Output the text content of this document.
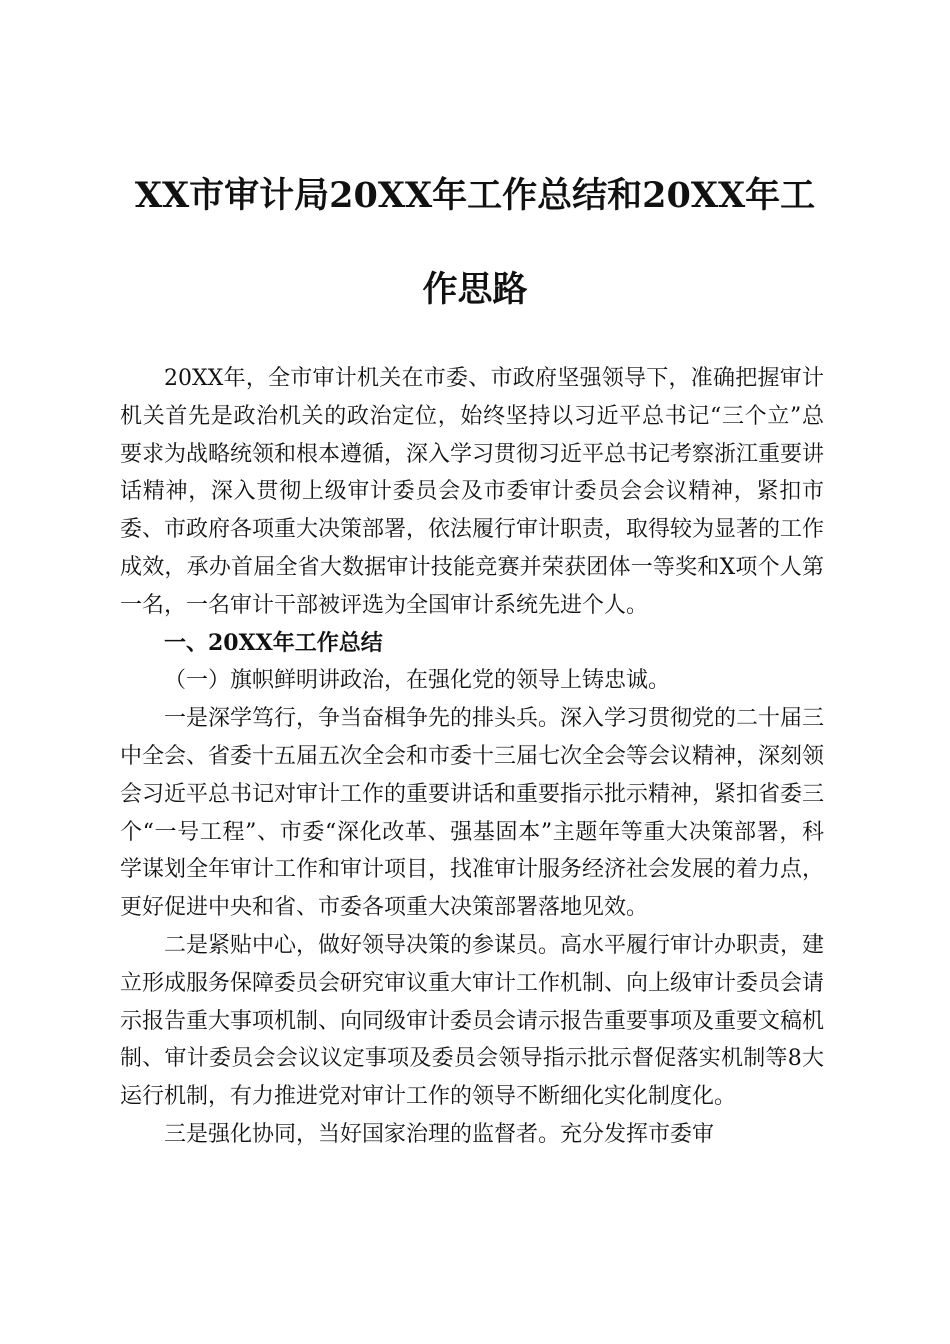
XX市审计局20XX年工作总结和20XX年工
作思路

20XX年，全市审计机关在市委、市政府坚强领导下，准确把握审计机关首先是政治机关的政治定位，始终坚持以习近平总书记“三个立”总要求为战略统领和根本遵循，深入学习贯彻习近平总书记考察浙江重要讲话精神，深入贯彻上级审计委员会及市委审计委员会会议精神，紧扣市委、市政府各项重大决策部署，依法履行审计职责，取得较为显著的工作成效，承办首届全省大数据审计技能竞赛并荣获团体一等奖和X项个人第一名，一名审计干部被评选为全国审计系统先进个人。

一、20XX年工作总结

（一）旗帜鲜明讲政治，在强化党的领导上铸忠诚。

一是深学笃行，争当奋楫争先的排头兵。深入学习贯彻党的二十届三中全会、省委十五届五次全会和市委十三届七次全会等会议精神，深刻领会习近平总书记对审计工作的重要讲话和重要指示批示精神，紧扣省委三个“一号工程”、市委“深化改革、强基固本”主题年等重大决策部署，科学谋划全年审计工作和审计项目，找准审计服务经济社会发展的着力点，更好促进中央和省、市委各项重大决策部署落地见效。

二是紧贴中心，做好领导决策的参谋员。高水平履行审计办职责，建立形成服务保障委员会研究审议重大审计工作机制、向上级审计委员会请示报告重大事项机制、向同级审计委员会请示报告重要事项及重要文稿机制、审计委员会会议议定事项及委员会领导指示批示督促落实机制等8大运行机制，有力推进党对审计工作的领导不断细化实化制度化。

三是强化协同，当好国家治理的监督者。充分发挥市委审
